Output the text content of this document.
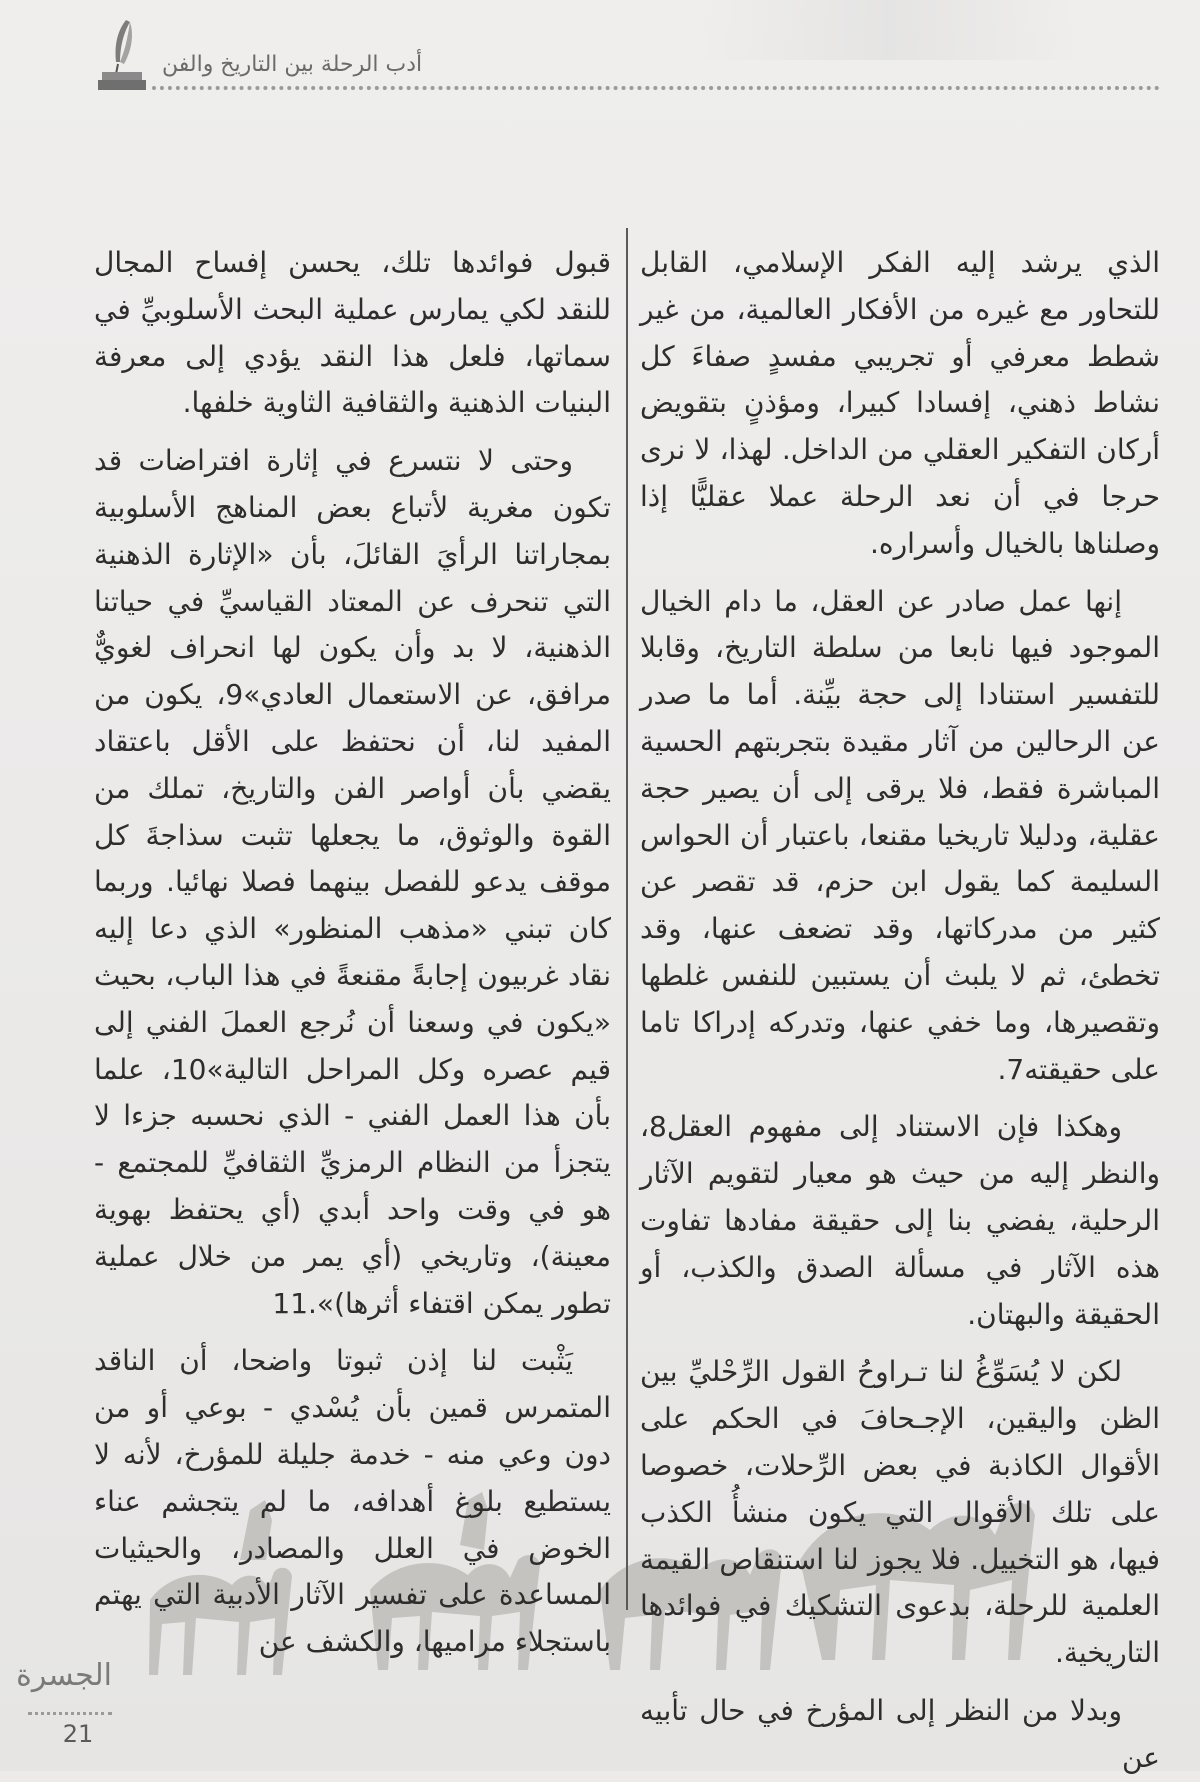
أدب الرحلة بين التاريخ والفن

الذي يرشد إليه الفكر الإسلامي، القابل للتحاور مع غيره من الأفكار العالمية، من غير شطط معرفي أو تجريبي مفسدٍ صفاءَ كل نشاط ذهني، إفسادا كبيرا، ومؤذنٍ بتقويض أركان التفكير العقلي من الداخل. لهذا، لا نرى حرجا في أن نعد الرحلة عملا عقليًّا إذا وصلناها بالخيال وأسراره.

إنها عمل صادر عن العقل، ما دام الخيال الموجود فيها نابعا من سلطة التاريخ، وقابلا للتفسير استنادا إلى حجة بيِّنة. أما ما صدر عن الرحالين من آثار مقيدة بتجربتهم الحسية المباشرة فقط، فلا يرقى إلى أن يصير حجة عقلية، ودليلا تاريخيا مقنعا، باعتبار أن الحواس السليمة كما يقول ابن حزم، قد تقصر عن كثير من مدركاتها، وقد تضعف عنها، وقد تخطئ، ثم لا يلبث أن يستبين للنفس غلطها وتقصيرها، وما خفي عنها، وتدركه إدراكا تاما على حقيقته7.

وهكذا فإن الاستناد إلى مفهوم العقل8، والنظر إليه من حيث هو معيار لتقويم الآثار الرحلية، يفضي بنا إلى حقيقة مفادها تفاوت هذه الآثار في مسألة الصدق والكذب، أو الحقيقة والبهتان.

لكن لا يُسَوِّغُ لنا تـراوحُ القول الرِّحْليِّ بين الظن واليقين، الإجـحافَ في الحكم على الأقوال الكاذبة في بعض الرِّحلات، خصوصا على تلك الأقوال التي يكون منشأُ الكذب فيها، هو التخييل. فلا يجوز لنا استنقاص القيمة العلمية للرحلة، بدعوى التشكيك في فوائدها التاريخية.

وبدلا من النظر إلى المؤرخ في حال تأبيه عن

قبول فوائدها تلك، يحسن إفساح المجال للنقد لكي يمارس عملية البحث الأسلوبيِّ في سماتها، فلعل هذا النقد يؤدي إلى معرفة البنيات الذهنية والثقافية الثاوية خلفها.

وحتى لا نتسرع في إثارة افتراضات قد تكون مغرية لأتباع بعض المناهج الأسلوبية بمجاراتنا الرأيَ القائلَ، بأن «الإثارة الذهنية التي تنحرف عن المعتاد القياسيِّ في حياتنا الذهنية، لا بد وأن يكون لها انحراف لغويٌّ مرافق، عن الاستعمال العادي»9، يكون من المفيد لنا، أن نحتفظ على الأقل باعتقاد يقضي بأن أواصر الفن والتاريخ، تملك من القوة والوثوق، ما يجعلها تثبت سذاجةَ كل موقف يدعو للفصل بينهما فصلا نهائيا. وربما كان تبني «مذهب المنظور» الذي دعا إليه نقاد غربيون إجابةً مقنعةً في هذا الباب، بحيث «يكون في وسعنا أن نُرجع العملَ الفني إلى قيم عصره وكل المراحل التالية»10، علما بأن هذا العمل الفني - الذي نحسبه جزءا لا يتجزأ من النظام الرمزيِّ الثقافيِّ للمجتمع - هو في وقت واحد أبدي (أي يحتفظ بهوية معينة)، وتاريخي (أي يمر من خلال عملية تطور يمكن اقتفاء أثرها)».11

يَثْبت لنا إذن ثبوتا واضحا، أن الناقد المتمرس قمين بأن يُسْدي - بوعي أو من دون وعي منه - خدمة جليلة للمؤرخ، لأنه لا يستطيع بلوغ أهدافه، ما لم يتجشم عناء الخوض في العلل والمصادر، والحيثيات المساعدة على تفسير الآثار الأدبية التي يهتم باستجلاء مراميها، والكشف عن

الجسرة
21
